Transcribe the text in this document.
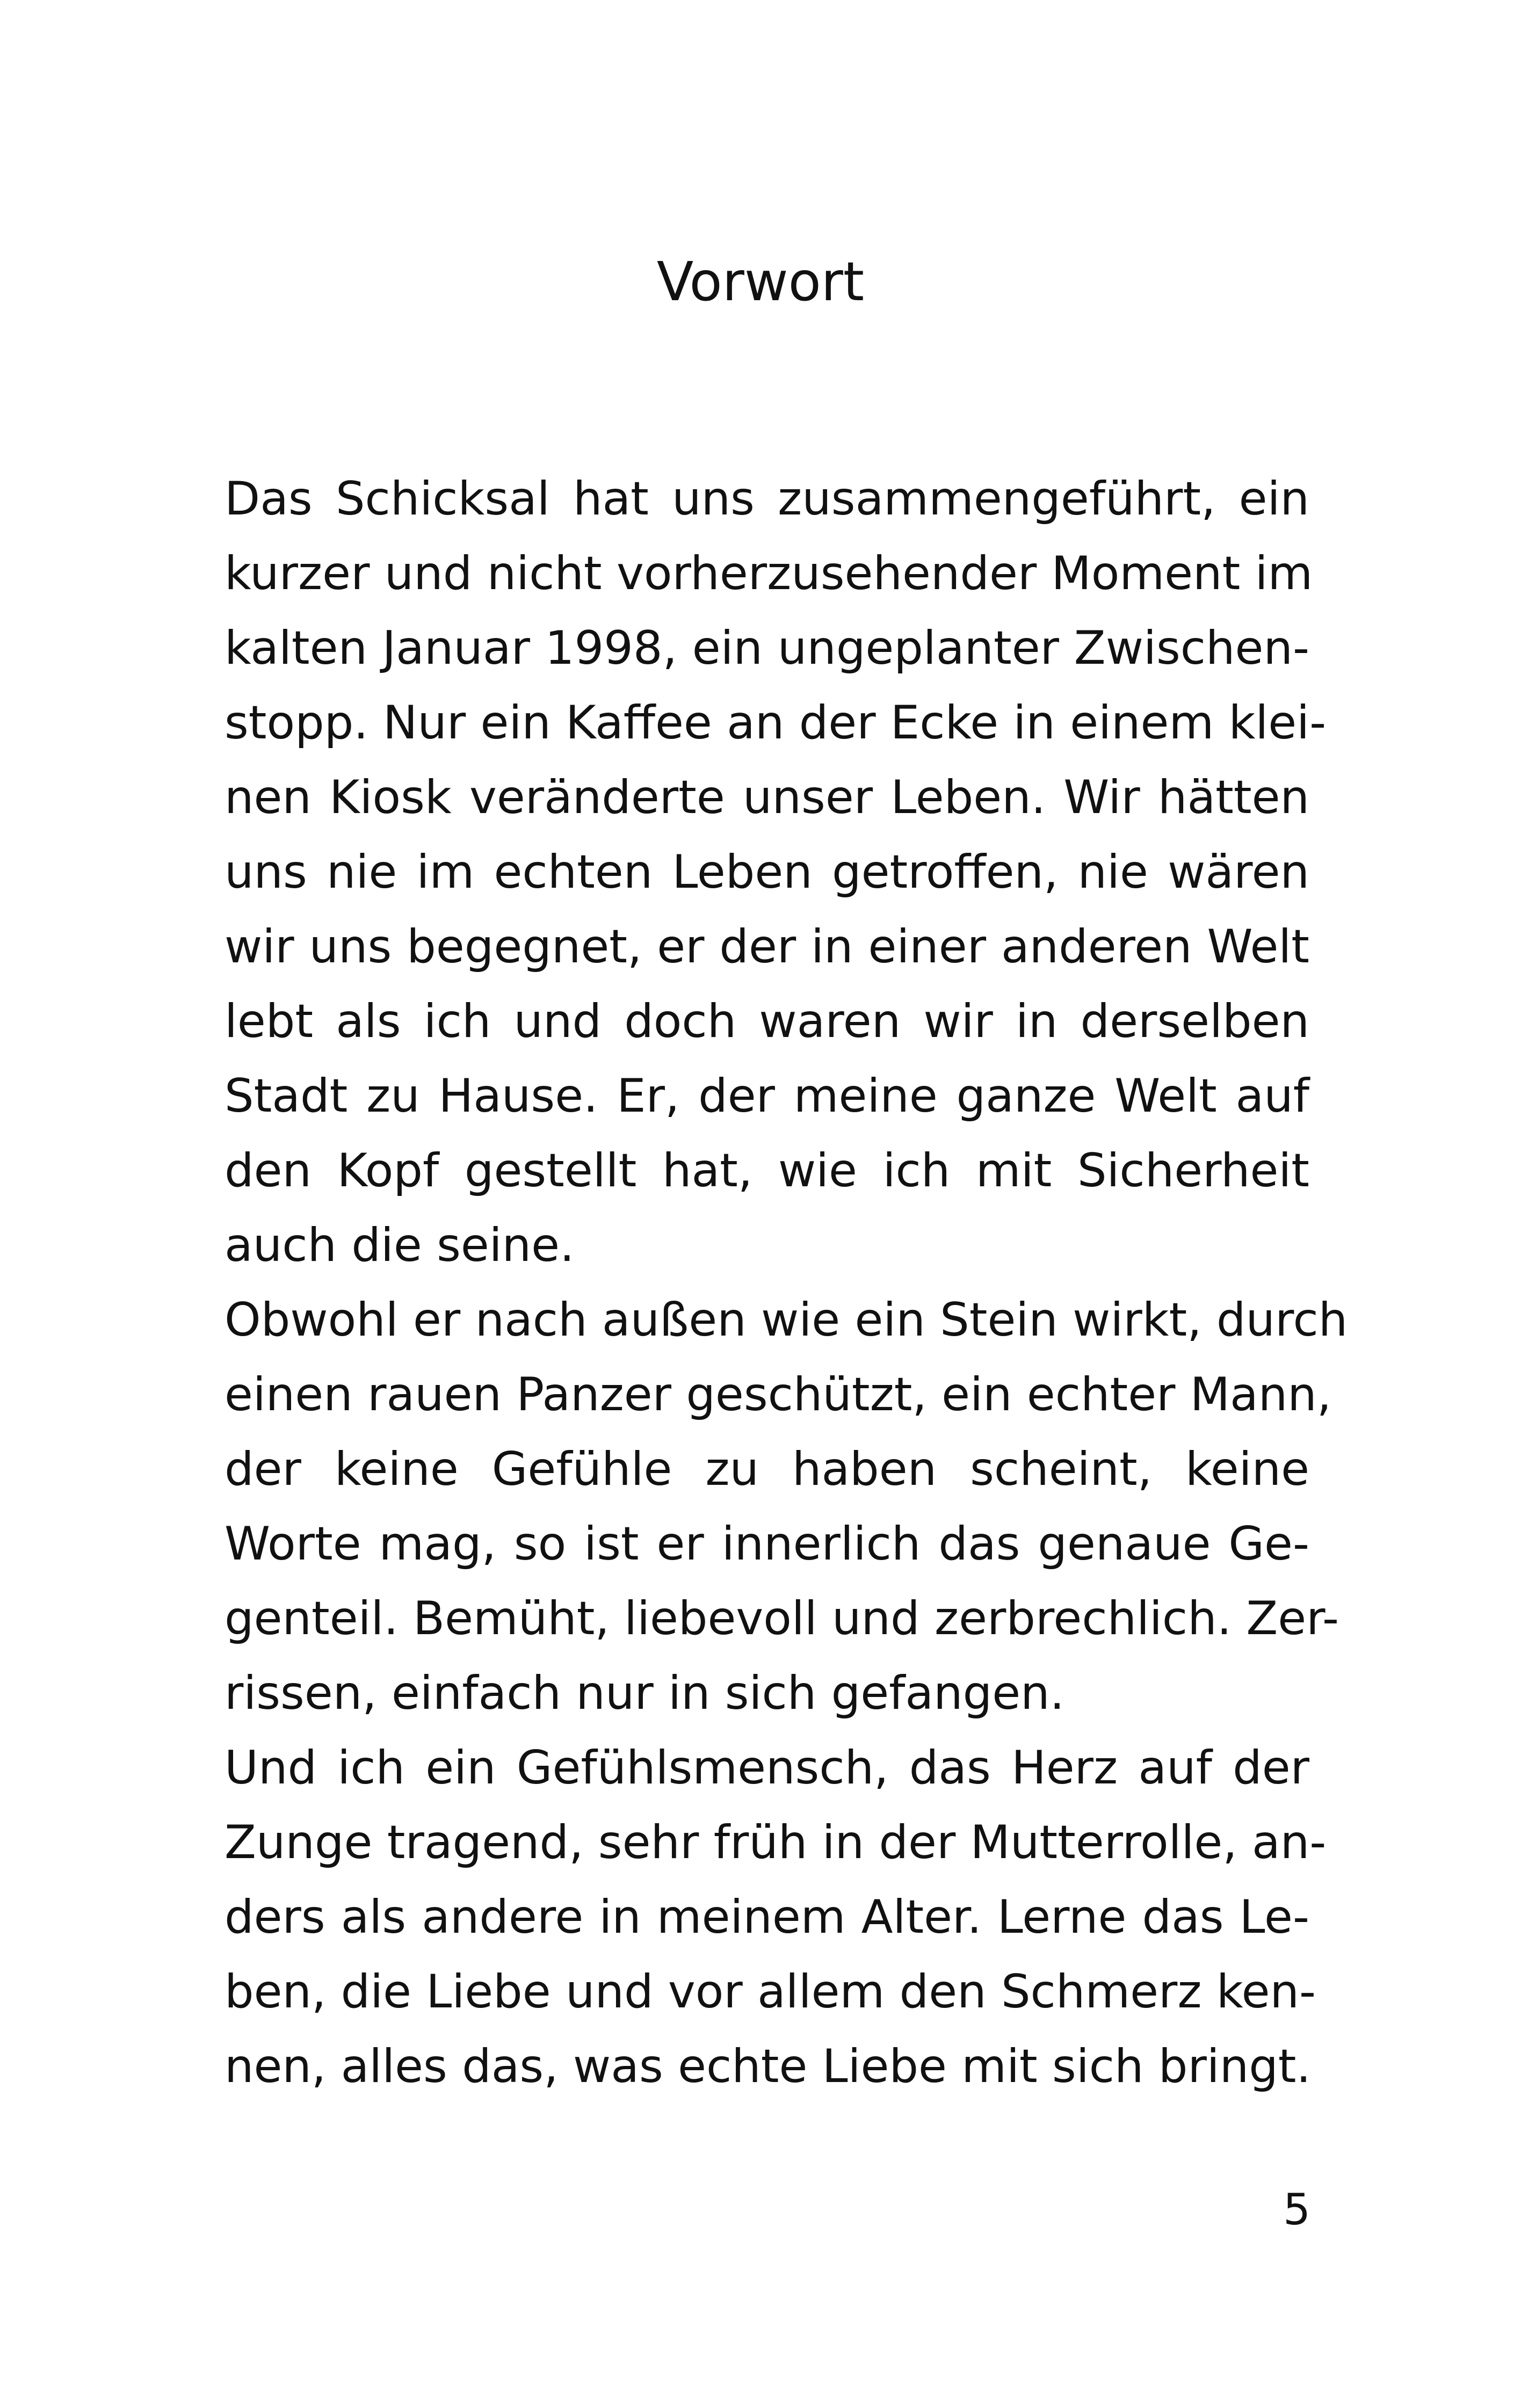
Vorwort
Das Schicksal hat uns zusammengeführt, ein
kurzer und nicht vorherzusehender Moment im
kalten Januar 1998, ein ungeplanter Zwischen-
stopp. Nur ein Kaffee an der Ecke in einem klei-
nen Kiosk veränderte unser Leben. Wir hätten
uns nie im echten Leben getroffen, nie wären
wir uns begegnet, er der in einer anderen Welt
lebt als ich und doch waren wir in derselben
Stadt zu Hause. Er, der meine ganze Welt auf
den Kopf gestellt hat, wie ich mit Sicherheit
auch die seine.
Obwohl er nach außen wie ein Stein wirkt, durch
einen rauen Panzer geschützt, ein echter Mann,
der keine Gefühle zu haben scheint, keine
Worte mag, so ist er innerlich das genaue Ge-
genteil. Bemüht, liebevoll und zerbrechlich. Zer-
rissen, einfach nur in sich gefangen.
Und ich ein Gefühlsmensch, das Herz auf der
Zunge tragend, sehr früh in der Mutterrolle, an-
ders als andere in meinem Alter. Lerne das Le-
ben, die Liebe und vor allem den Schmerz ken-
nen, alles das, was echte Liebe mit sich bringt.
5
